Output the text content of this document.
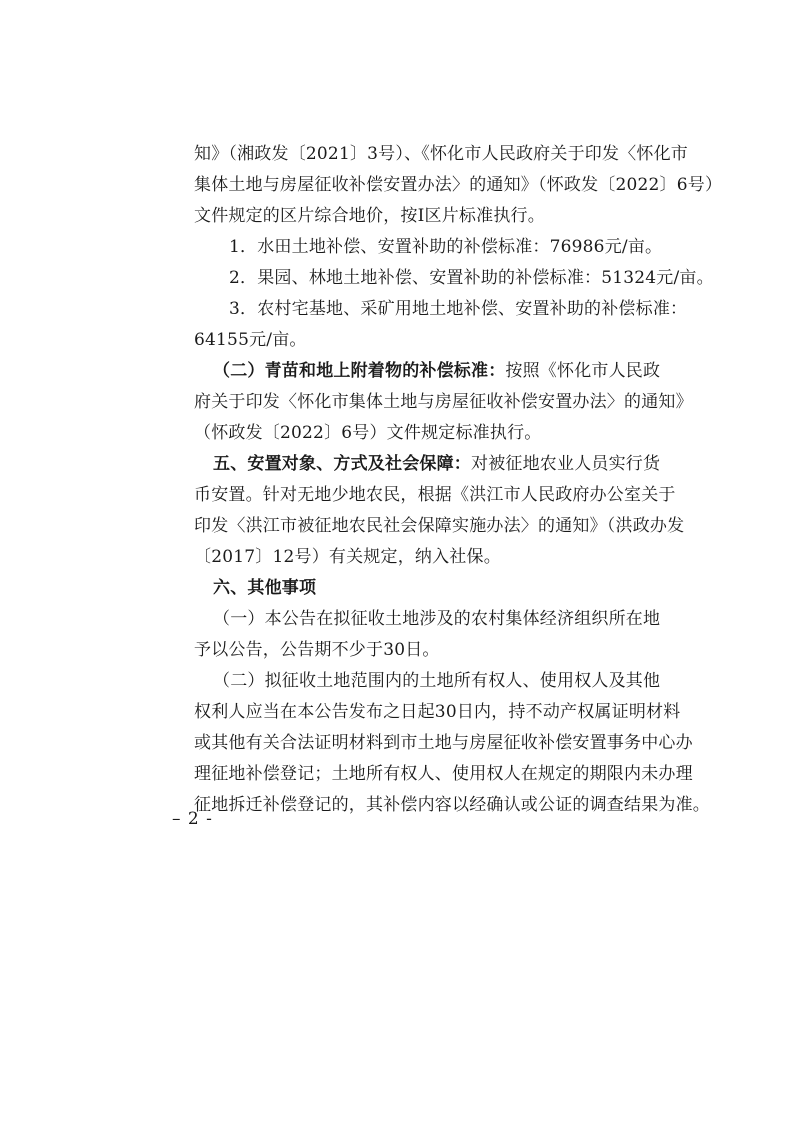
知》（湘政发〔2021〕3号）、《怀化市人民政府关于印发〈怀化市
集体土地与房屋征收补偿安置办法〉的通知》（怀政发〔2022〕6号）
文件规定的区片综合地价，按Ⅰ区片标准执行。
1．水田土地补偿、安置补助的补偿标准：76986元/亩。
2．果园、林地土地补偿、安置补助的补偿标准：51324元/亩。
3．农村宅基地、采矿用地土地补偿、安置补助的补偿标准：
64155元/亩。
（二）青苗和地上附着物的补偿标准：按照《怀化市人民政
府关于印发〈怀化市集体土地与房屋征收补偿安置办法〉的通知》
（怀政发〔2022〕6号）文件规定标准执行。
五、安置对象、方式及社会保障：对被征地农业人员实行货
币安置。针对无地少地农民，根据《洪江市人民政府办公室关于
印发〈洪江市被征地农民社会保障实施办法〉的通知》（洪政办发
〔2017〕12号）有关规定，纳入社保。
六、其他事项
（一）本公告在拟征收土地涉及的农村集体经济组织所在地
予以公告，公告期不少于30日。
（二）拟征收土地范围内的土地所有权人、使用权人及其他
权利人应当在本公告发布之日起30日内，持不动产权属证明材料
或其他有关合法证明材料到市土地与房屋征收补偿安置事务中心办
理征地补偿登记；土地所有权人、使用权人在规定的期限内未办理
征地拆迁补偿登记的，其补偿内容以经确认或公证的调查结果为准。
– 2 -
